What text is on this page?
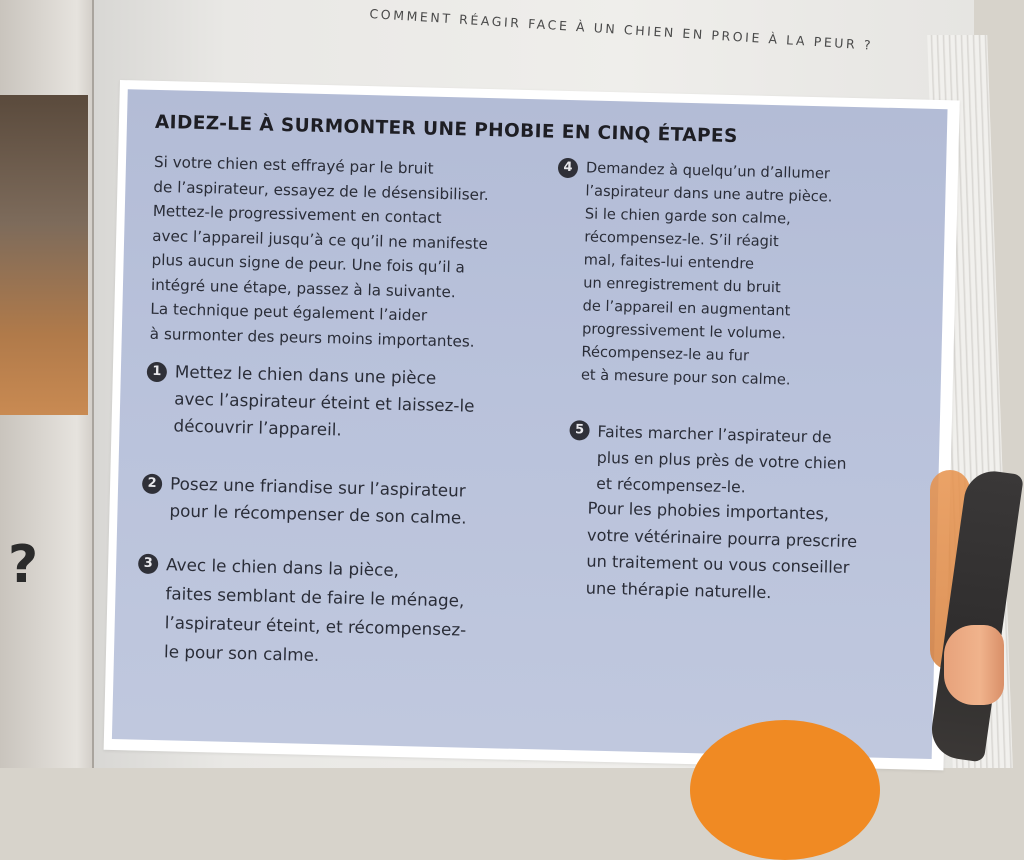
?
COMMENT RÉAGIR FACE À UN CHIEN EN PROIE À LA PEUR ?
AIDEZ-LE À SURMONTER UNE PHOBIE EN CINQ ÉTAPES
Si votre chien est effrayé par le bruit
de l’aspirateur, essayez de le désensibiliser.
Mettez-le progressivement en contact
avec l’appareil jusqu’à ce qu’il ne manifeste
plus aucun signe de peur. Une fois qu’il a
intégré une étape, passez à la suivante.
La technique peut également l’aider
à surmonter des peurs moins importantes.
1 Mettez le chien dans une pièce
avec l’aspirateur éteint et laissez-le
découvrir l’appareil.
2 Posez une friandise sur l’aspirateur
pour le récompenser de son calme.
3 Avec le chien dans la pièce,
faites semblant de faire le ménage,
l’aspirateur éteint, et récompensez-
le pour son calme.
4 Demandez à quelqu’un d’allumer
l’aspirateur dans une autre pièce.
Si le chien garde son calme,
récompensez-le. S’il réagit
mal, faites-lui entendre
un enregistrement du bruit
de l’appareil en augmentant
progressivement le volume.
Récompensez-le au fur
et à mesure pour son calme.
5 Faites marcher l’aspirateur de
plus en plus près de votre chien
et récompensez-le.
Pour les phobies importantes,
votre vétérinaire pourra prescrire
un traitement ou vous conseiller
une thérapie naturelle.
